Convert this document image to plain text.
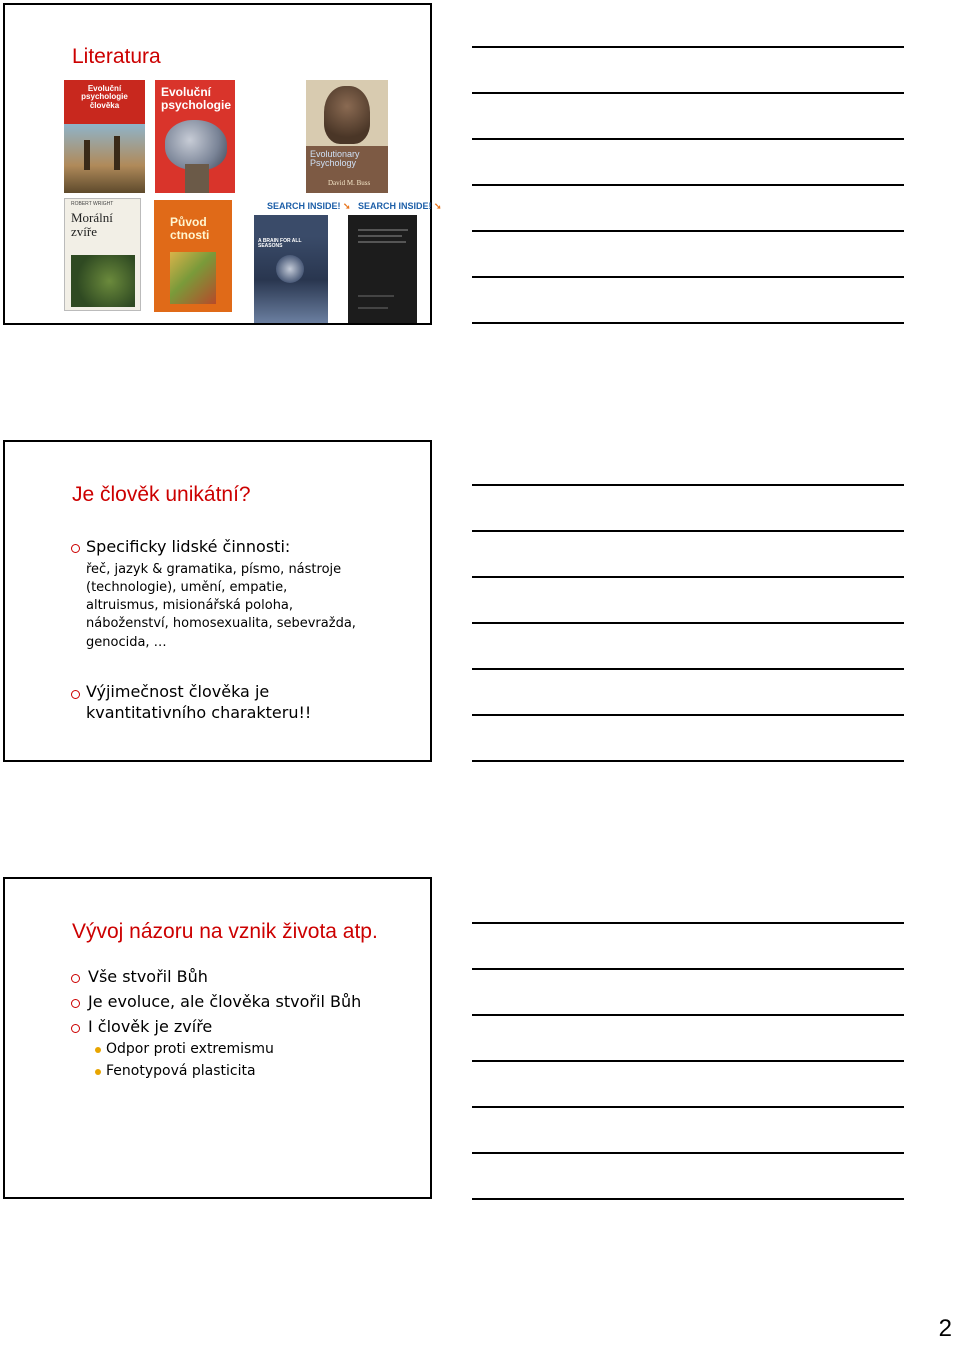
Literatura
Evoluční psychologie člověka
Evoluční psychologie
Evolutionary Psychology
David M. Buss
ROBERT WRIGHT
Morální zvíře
Původ ctnosti
SEARCH INSIDE! ➘
A BRAIN FOR ALL SEASONS
SEARCH INSIDE! ➘
Je člověk unikátní?
Specificky lidské činnosti:
řeč, jazyk & gramatika, písmo, nástroje
(technologie), umění, empatie,
altruismus, misionářská poloha,
náboženství, homosexualita, sebevražda,
genocida, …
Výjimečnost člověka je
kvantitativního charakteru!!
Vývoj názoru na vznik života atp.
Vše stvořil Bůh
Je evoluce, ale člověka stvořil Bůh
I člověk je zvíře
Odpor proti extremismu
Fenotypová plasticita
2
